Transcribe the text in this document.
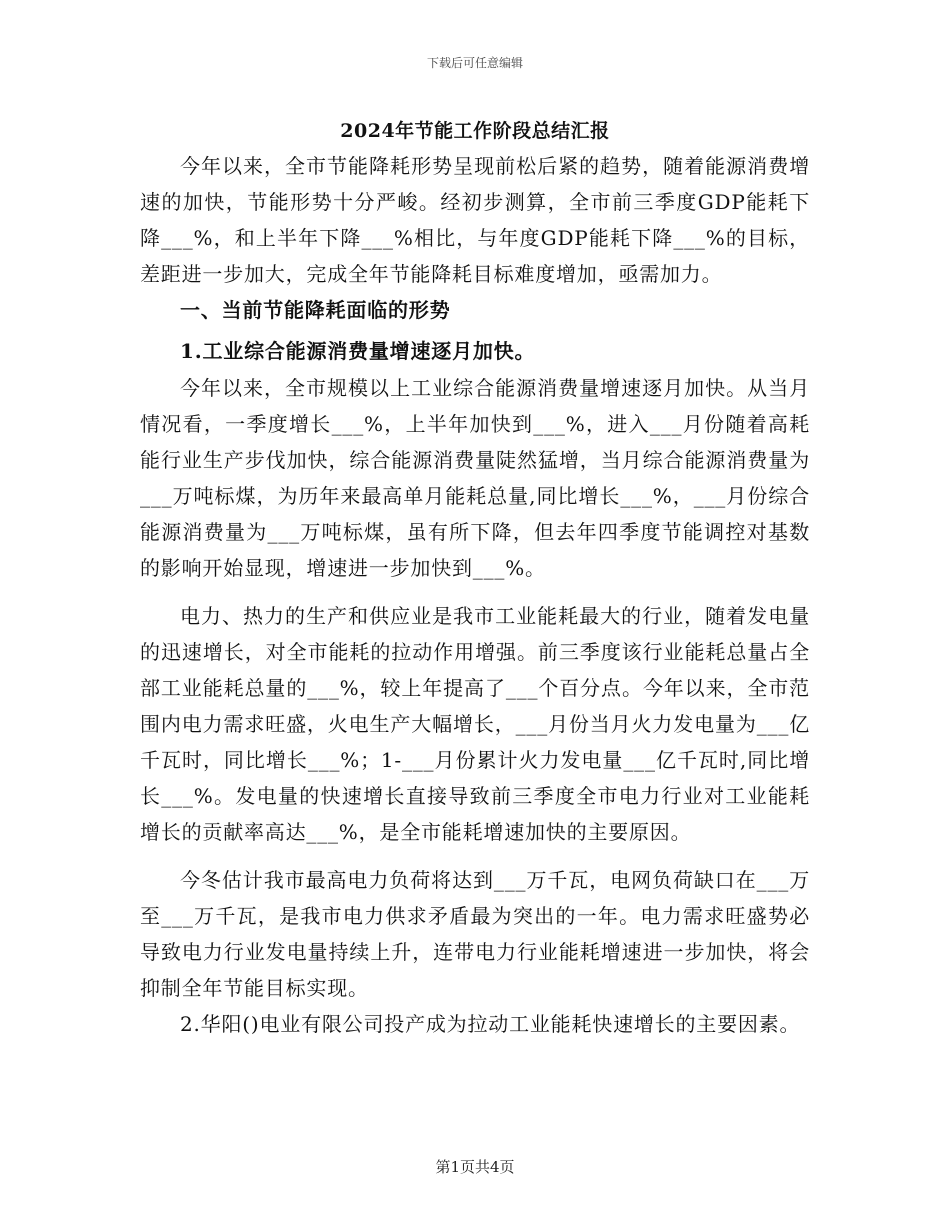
下载后可任意编辑
2024年节能工作阶段总结汇报

今年以来，全市节能降耗形势呈现前松后紧的趋势，随着能源消费增速的加快，节能形势十分严峻。经初步测算，全市前三季度GDP能耗下降___%，和上半年下降___%相比，与年度GDP能耗下降___%的目标，差距进一步加大，完成全年节能降耗目标难度增加，亟需加力。

一、当前节能降耗面临的形势

1.工业综合能源消费量增速逐月加快。

今年以来，全市规模以上工业综合能源消费量增速逐月加快。从当月情况看，一季度增长___%，上半年加快到___%，进入___月份随着高耗能行业生产步伐加快，综合能源消费量陡然猛增，当月综合能源消费量为___万吨标煤，为历年来最高单月能耗总量,同比增长___%，___月份综合能源消费量为___万吨标煤，虽有所下降，但去年四季度节能调控对基数的影响开始显现，增速进一步加快到___%。

电力、热力的生产和供应业是我市工业能耗最大的行业，随着发电量的迅速增长，对全市能耗的拉动作用增强。前三季度该行业能耗总量占全部工业能耗总量的___%，较上年提高了___个百分点。今年以来，全市范围内电力需求旺盛，火电生产大幅增长，___月份当月火力发电量为___亿千瓦时，同比增长___%；1-___月份累计火力发电量___亿千瓦时,同比增长___%。发电量的快速增长直接导致前三季度全市电力行业对工业能耗增长的贡献率高达___%，是全市能耗增速加快的主要原因。

今冬估计我市最高电力负荷将达到___万千瓦，电网负荷缺口在___万至___万千瓦，是我市电力供求矛盾最为突出的一年。电力需求旺盛势必导致电力行业发电量持续上升，连带电力行业能耗增速进一步加快，将会抑制全年节能目标实现。

2.华阳()电业有限公司投产成为拉动工业能耗快速增长的主要因素。

第1页共4页
